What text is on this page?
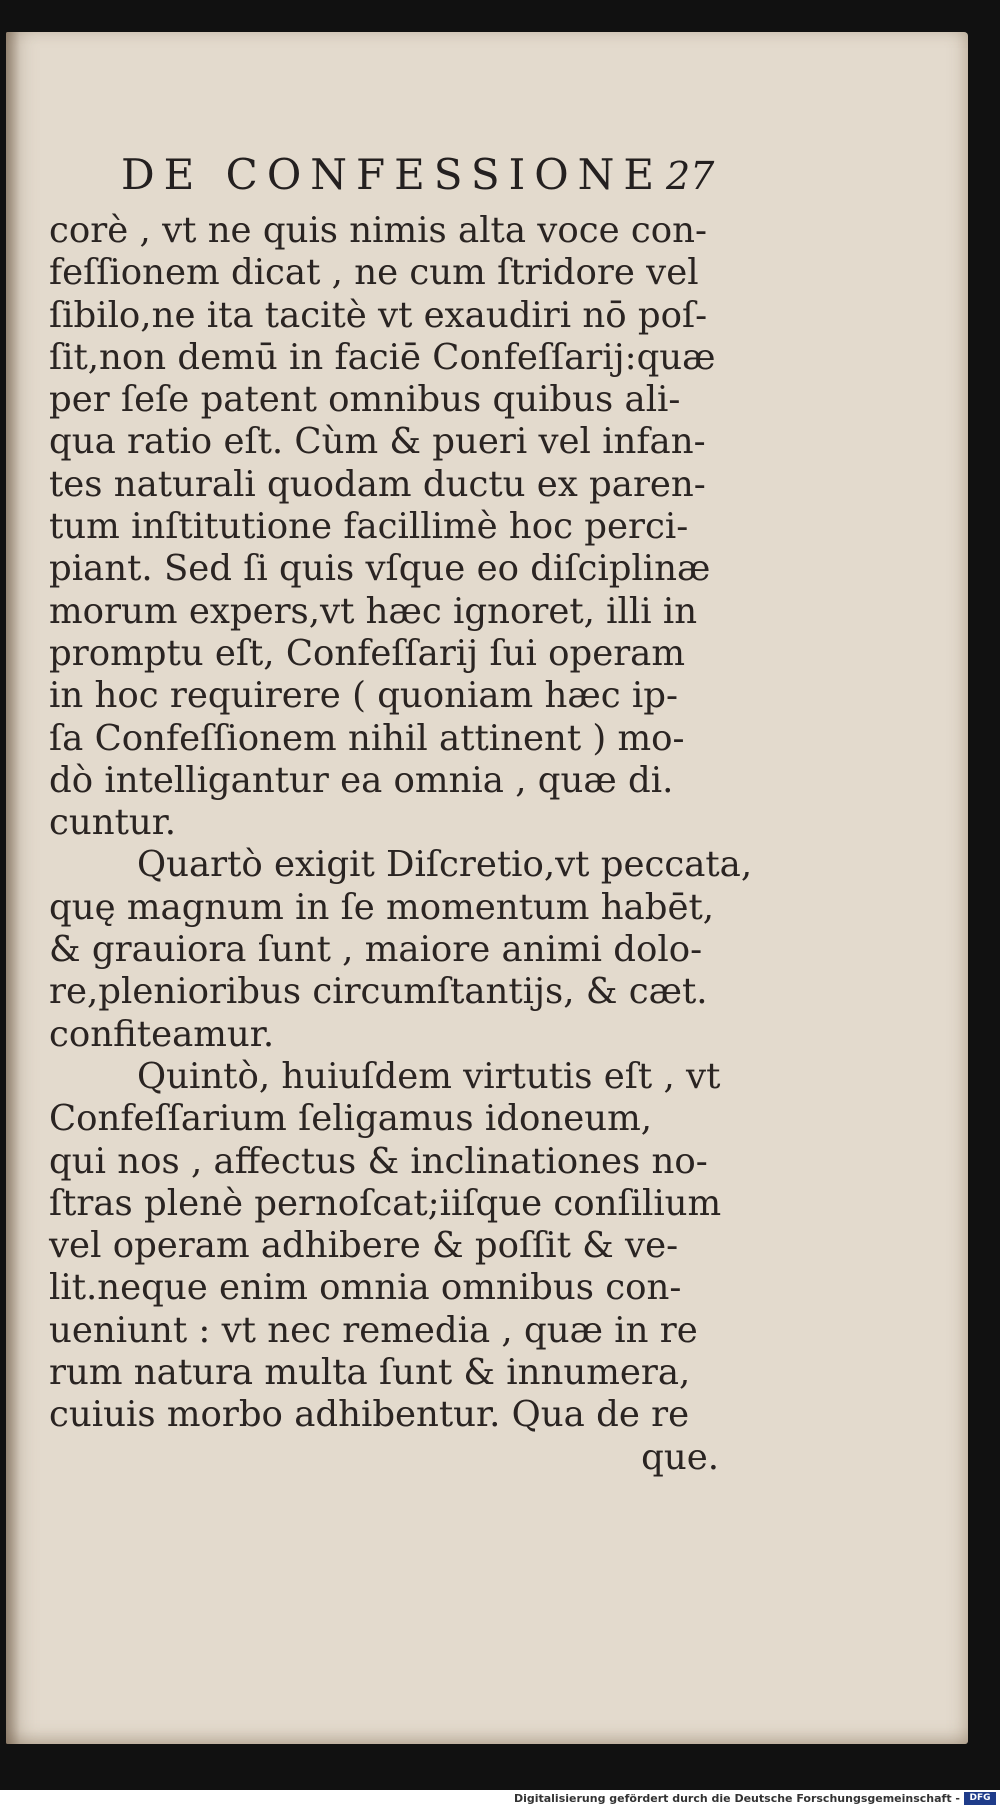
DE CONFESSIONE 27
corè , vt ne quis nimis alta voce con-
feſſionem dicat , ne cum ſtridore vel
ſibilo,ne ita tacitè vt exaudiri nō poſ-
ſit,non demū in faciē Confeſſarij:quæ
per ſeſe patent omnibus quibus ali-
qua ratio eſt. Cùm & pueri vel infan-
tes naturali quodam ductu ex paren-
tum inſtitutione facillimè hoc perci-
piant. Sed ſi quis vſque eo diſciplinæ
morum expers,vt hæc ignoret, illi in
promptu eſt, Confeſſarij ſui operam
in hoc requirere ( quoniam hæc ip-
ſa Confeſſionem nihil attinent ) mo-
dò intelligantur ea omnia , quæ di.
cuntur.
Quartò exigit Diſcretio,vt peccata,
quę magnum in ſe momentum habēt,
& grauiora ſunt , maiore animi dolo-
re,plenioribus circumſtantijs, & cæt.
confiteamur.
Quintò, huiuſdem virtutis eſt , vt
Confeſſarium ſeligamus idoneum,
qui nos , affectus & inclinationes no-
ſtras plenè pernoſcat;iiſque conſilium
vel operam adhibere & poſſit & ve-
lit.neque enim omnia omnibus con-
ueniunt : vt nec remedia , quæ in re
rum natura multa ſunt & innumera,
cuiuis morbo adhibentur. Qua de re
que.
Digitalisierung gefördert durch die Deutsche Forschungsgemeinschaft -	DFG
